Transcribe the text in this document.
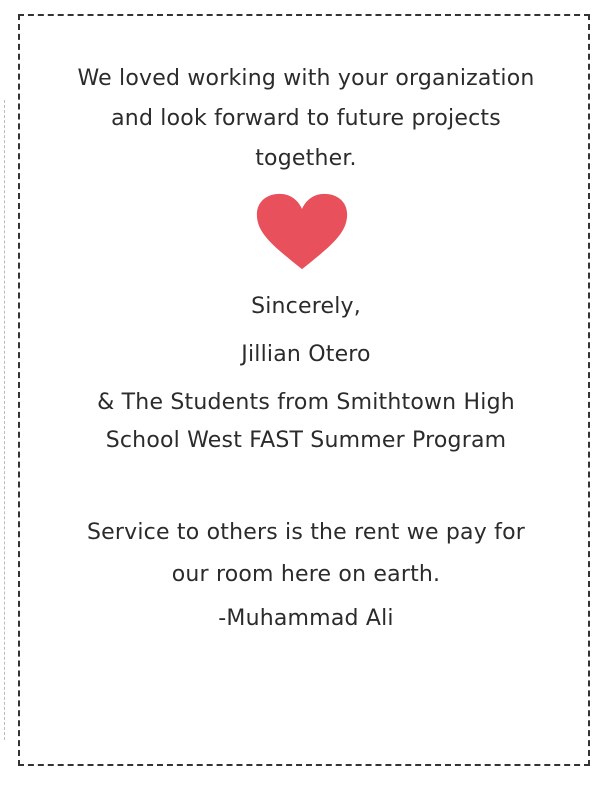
We loved working with your organization
and look forward to future projects
together.
Sincerely,
Jillian Otero
& The Students from Smithtown High
School West FAST Summer Program
Service to others is the rent we pay for
our room here on earth.
-Muhammad Ali
